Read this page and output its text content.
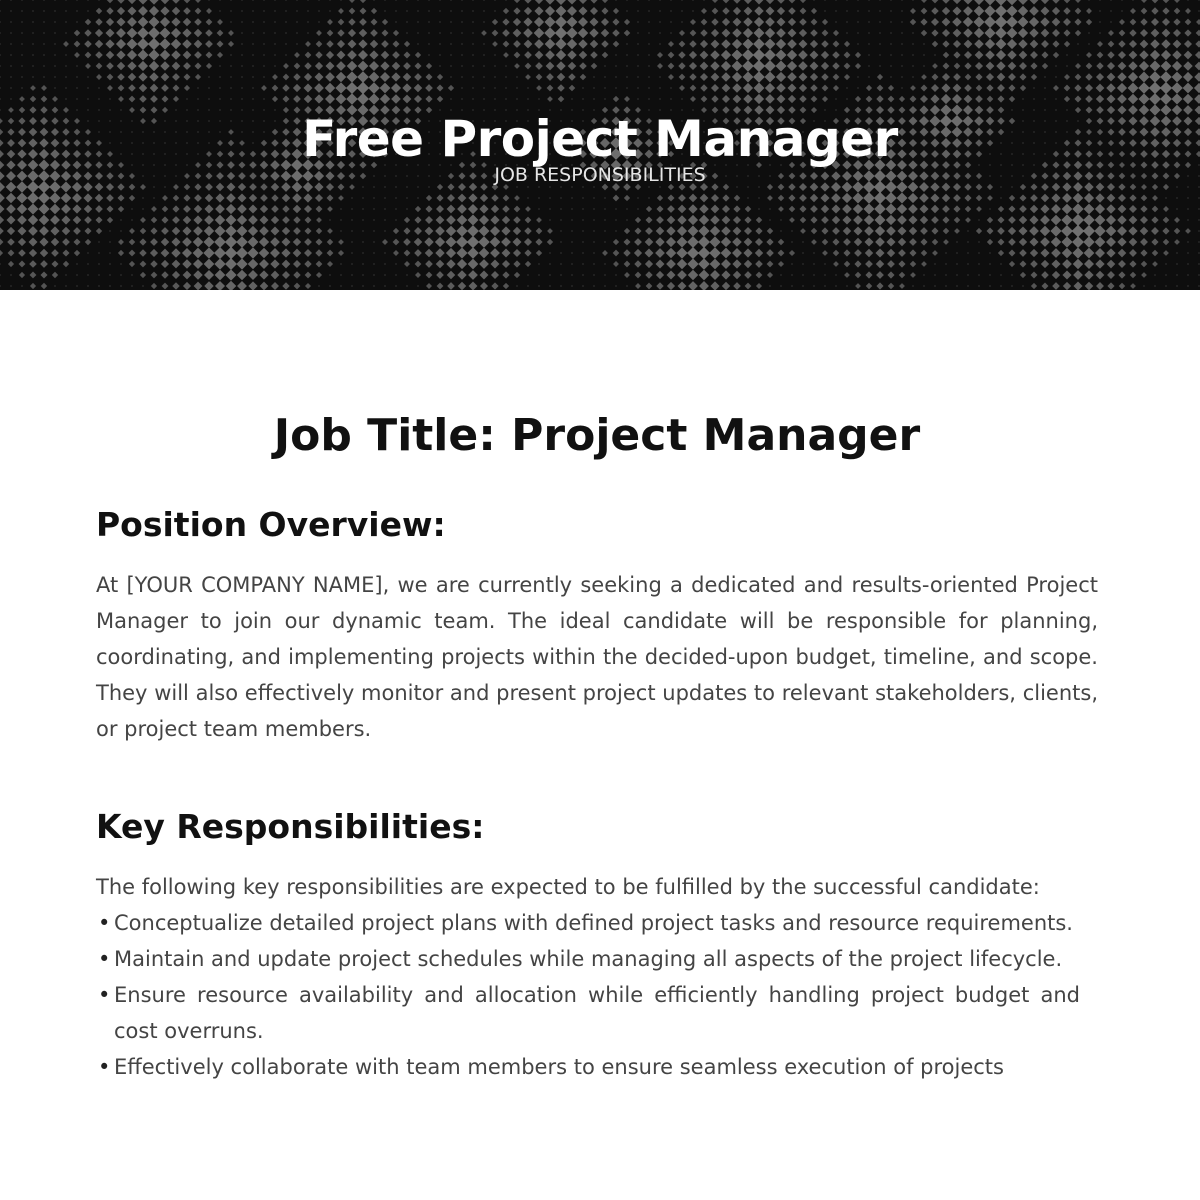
Free Project Manager
JOB RESPONSIBILITIES
Job Title: Project Manager
Position Overview:

At [YOUR COMPANY NAME], we are currently seeking a dedicated and results-oriented Project Manager to join our dynamic team. The ideal candidate will be responsible for planning, coordinating, and implementing projects within the decided-upon budget, timeline, and scope. They will also effectively monitor and present project updates to relevant stakeholders, clients, or project team members.

Key Responsibilities:

The following key responsibilities are expected to be fulfilled by the successful candidate:

• Conceptualize detailed project plans with defined project tasks and resource requirements.
• Maintain and update project schedules while managing all aspects of the project lifecycle.
• Ensure resource availability and allocation while efficiently handling project budget and cost overruns.
• Effectively collaborate with team members to ensure seamless execution of projects
